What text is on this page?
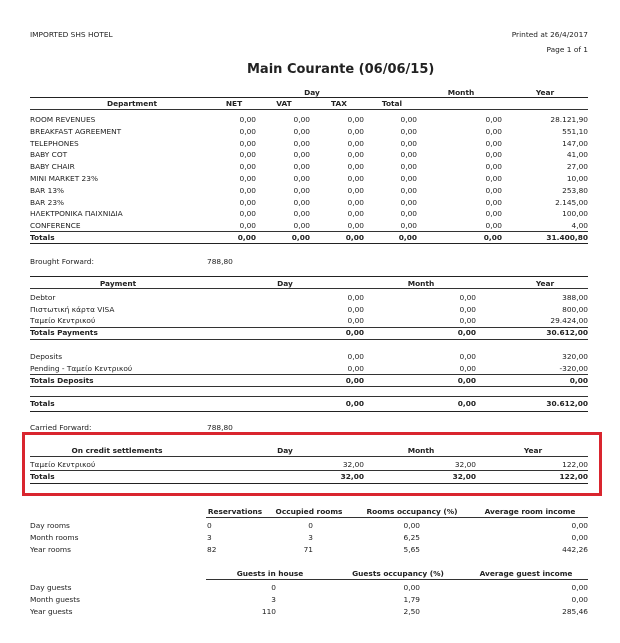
IMPORTED SHS HOTEL	Printed at 26/4/2017
Page 1 of 1
Main Courante (06/06/15)
Day	Month	Year
Department	NET	VAT	TAX	Total
ROOM REVENUES	0,00	0,00	0,00	0,00	0,00	28.121,90
BREAKFAST AGREEMENT	0,00	0,00	0,00	0,00	0,00	551,10
TELEPHONES	0,00	0,00	0,00	0,00	0,00	147,00
BABY COT	0,00	0,00	0,00	0,00	0,00	41,00
BABY CHAIR	0,00	0,00	0,00	0,00	0,00	27,00
MINI MARKET 23%	0,00	0,00	0,00	0,00	0,00	10,00
BAR 13%	0,00	0,00	0,00	0,00	0,00	253,80
BAR 23%	0,00	0,00	0,00	0,00	0,00	2.145,00
ΗΛΕΚΤΡΟΝΙΚΑ ΠΑΙΧΝΙΔΙΑ	0,00	0,00	0,00	0,00	0,00	100,00
CONFERENCE	0,00	0,00	0,00	0,00	0,00	4,00
Totals	0,00	0,00	0,00	0,00	0,00	31.400,80
Brought Forward:	788,80
Payment	Day	Month	Year
Debtor	0,00	0,00	388,00
Πιστωτική κάρτα VISA	0,00	0,00	800,00
Ταμείο Κεντρικού	0,00	0,00	29.424,00
Totals Payments	0,00	0,00	30.612,00
Deposits	0,00	0,00	320,00
Pending - Ταμείο Κεντρικού	0,00	0,00	-320,00
Totals Deposits	0,00	0,00	0,00
Totals	0,00	0,00	30.612,00
Carried Forward:	788,80
On credit settlements	Day	Month	Year
Ταμείο Κεντρικού	32,00	32,00	122,00
Totals	32,00	32,00	122,00
Reservations	Occupied rooms	Rooms occupancy (%)	Average room income
Day rooms	0	0	0,00	0,00
Month rooms	3	3	6,25	0,00
Year rooms	82	71	5,65	442,26
Guests in house	Guests occupancy (%)	Average guest income
Day guests	0	0,00	0,00
Month guests	3	1,79	0,00
Year guests	110	2,50	285,46
